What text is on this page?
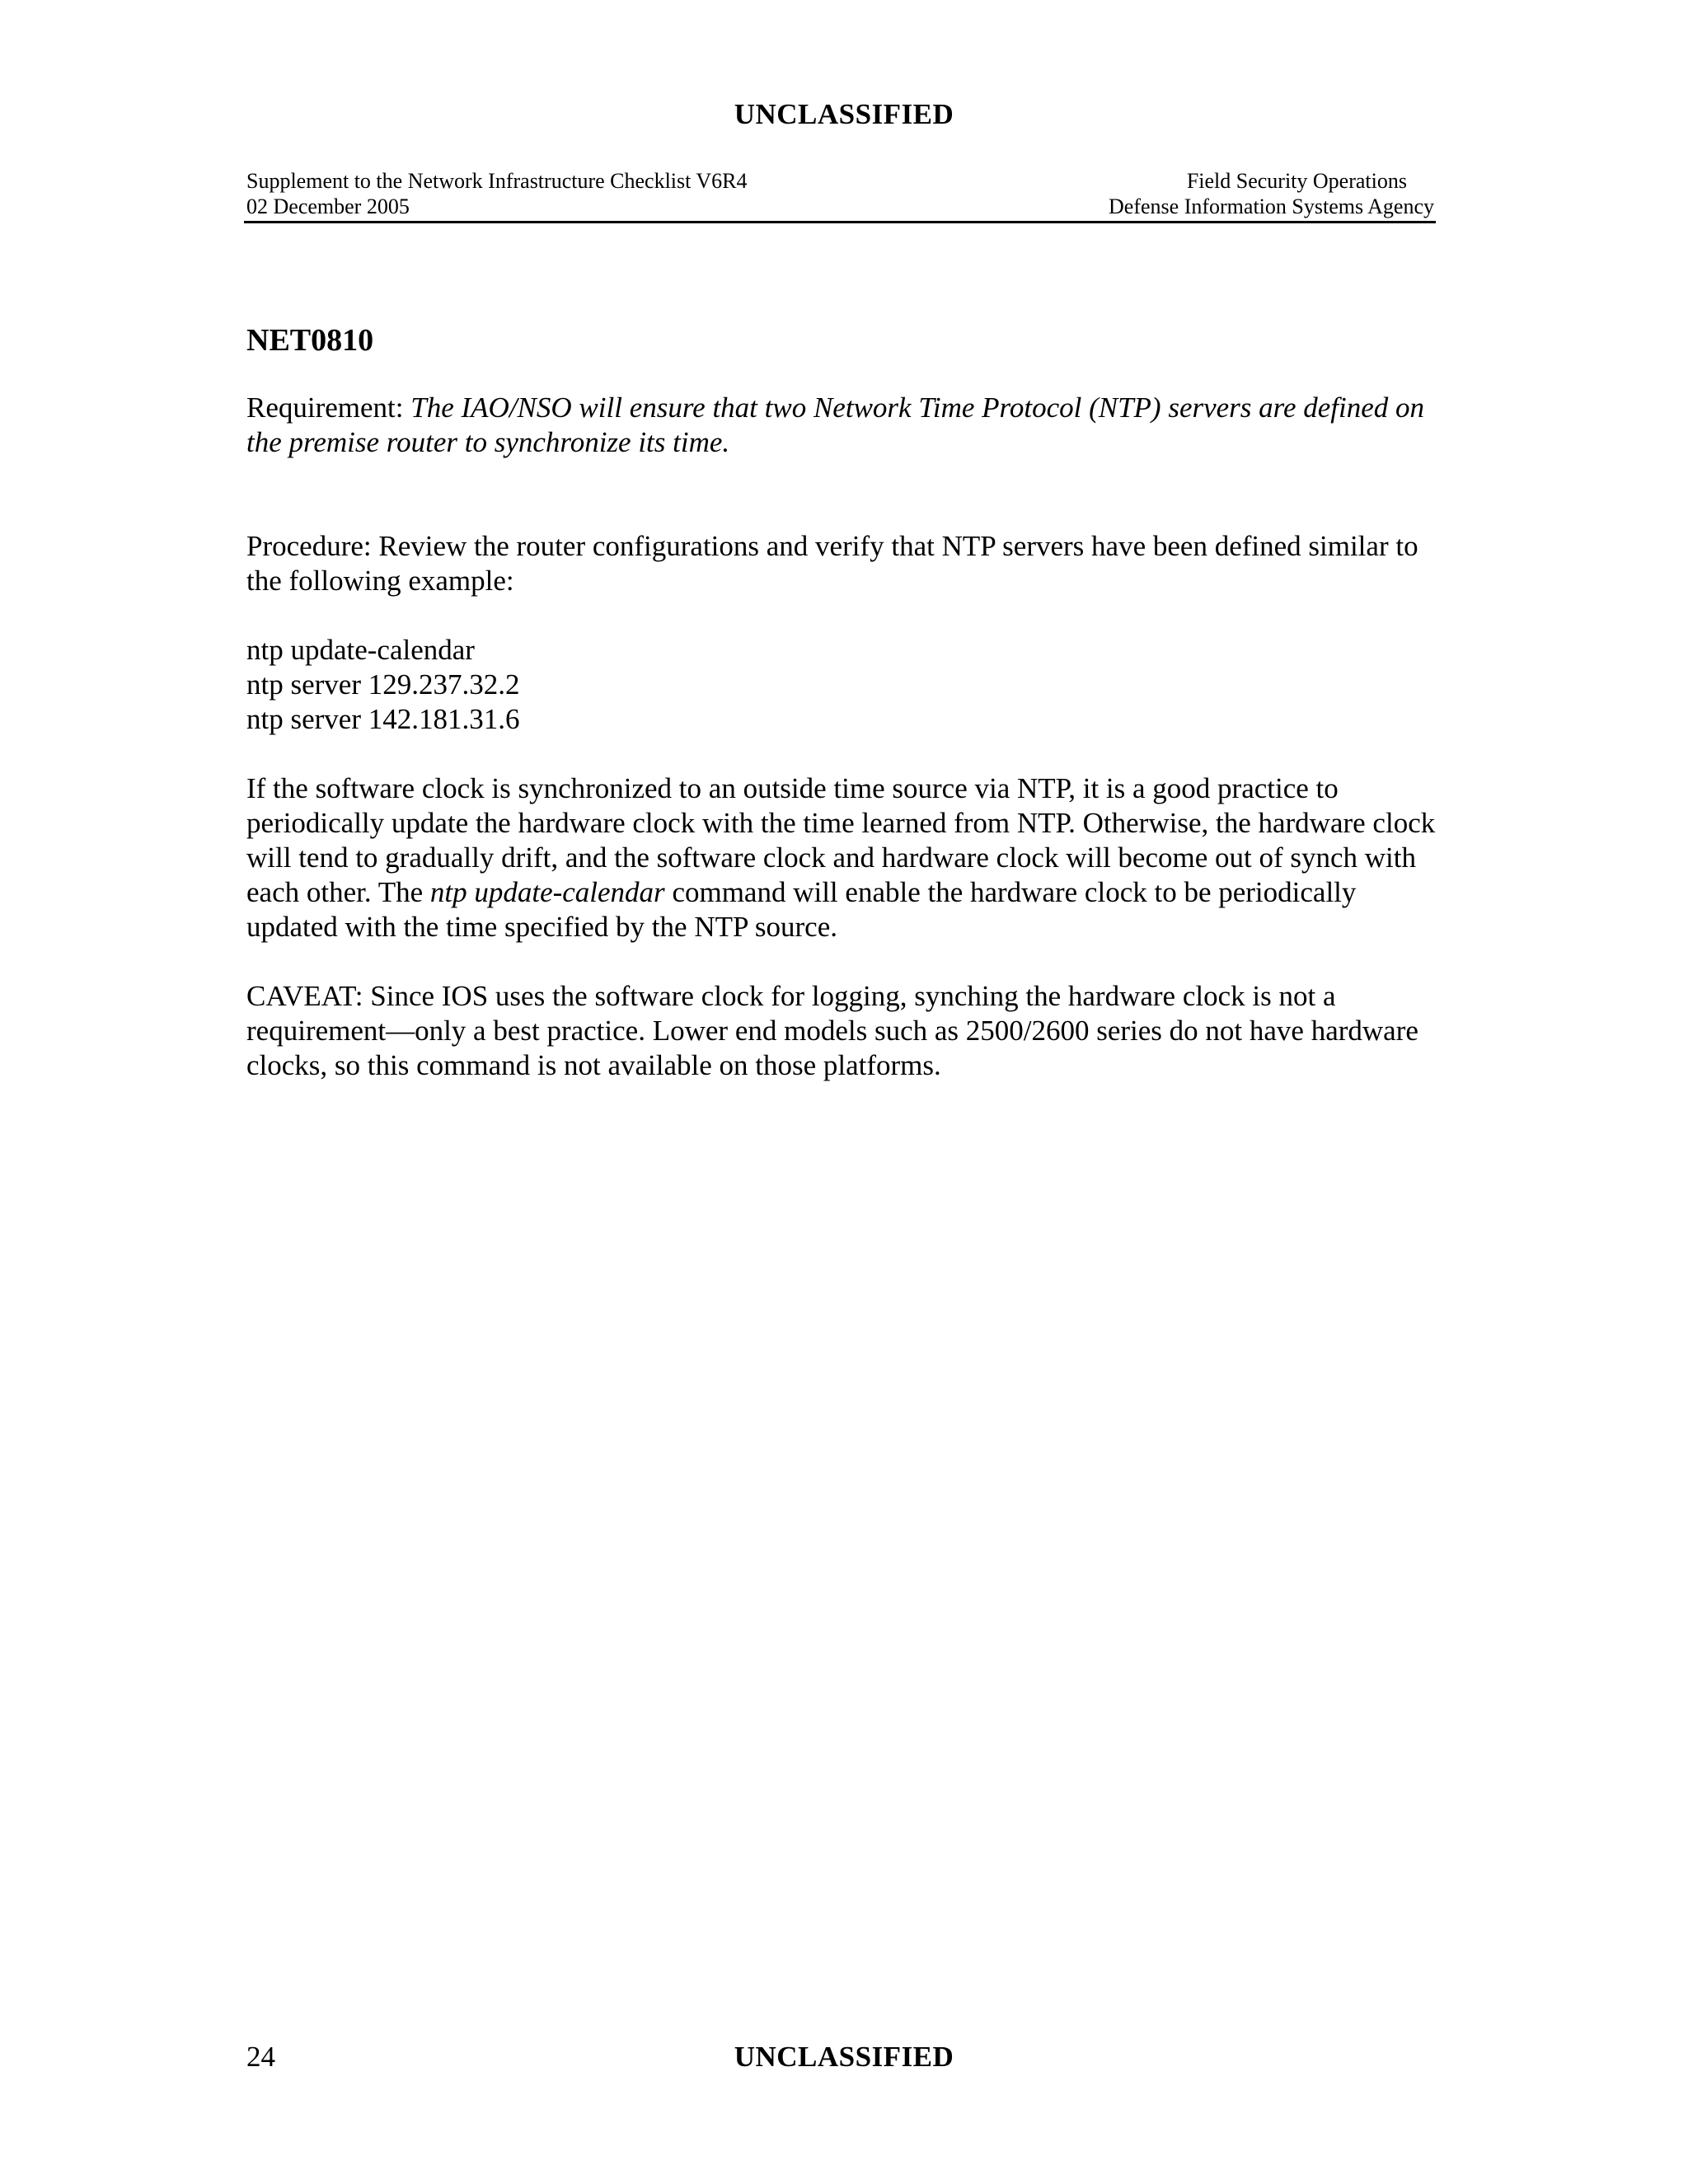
UNCLASSIFIED
Supplement to the Network Infrastructure Checklist V6R4	Field Security Operations
02 December 2005	Defense Information Systems Agency
NET0810

Requirement: The IAO/NSO will ensure that two Network Time Protocol (NTP) servers are defined on the premise router to synchronize its time.

Procedure: Review the router configurations and verify that NTP servers have been defined similar to the following example:

ntp update-calendar
ntp server 129.237.32.2
ntp server 142.181.31.6

If the software clock is synchronized to an outside time source via NTP, it is a good practice to periodically update the hardware clock with the time learned from NTP. Otherwise, the hardware clock will tend to gradually drift, and the software clock and hardware clock will become out of synch with each other. The ntp update-calendar command will enable the hardware clock to be periodically updated with the time specified by the NTP source.

CAVEAT: Since IOS uses the software clock for logging, synching the hardware clock is not a requirement—only a best practice. Lower end models such as 2500/2600 series do not have hardware clocks, so this command is not available on those platforms.

24	UNCLASSIFIED
